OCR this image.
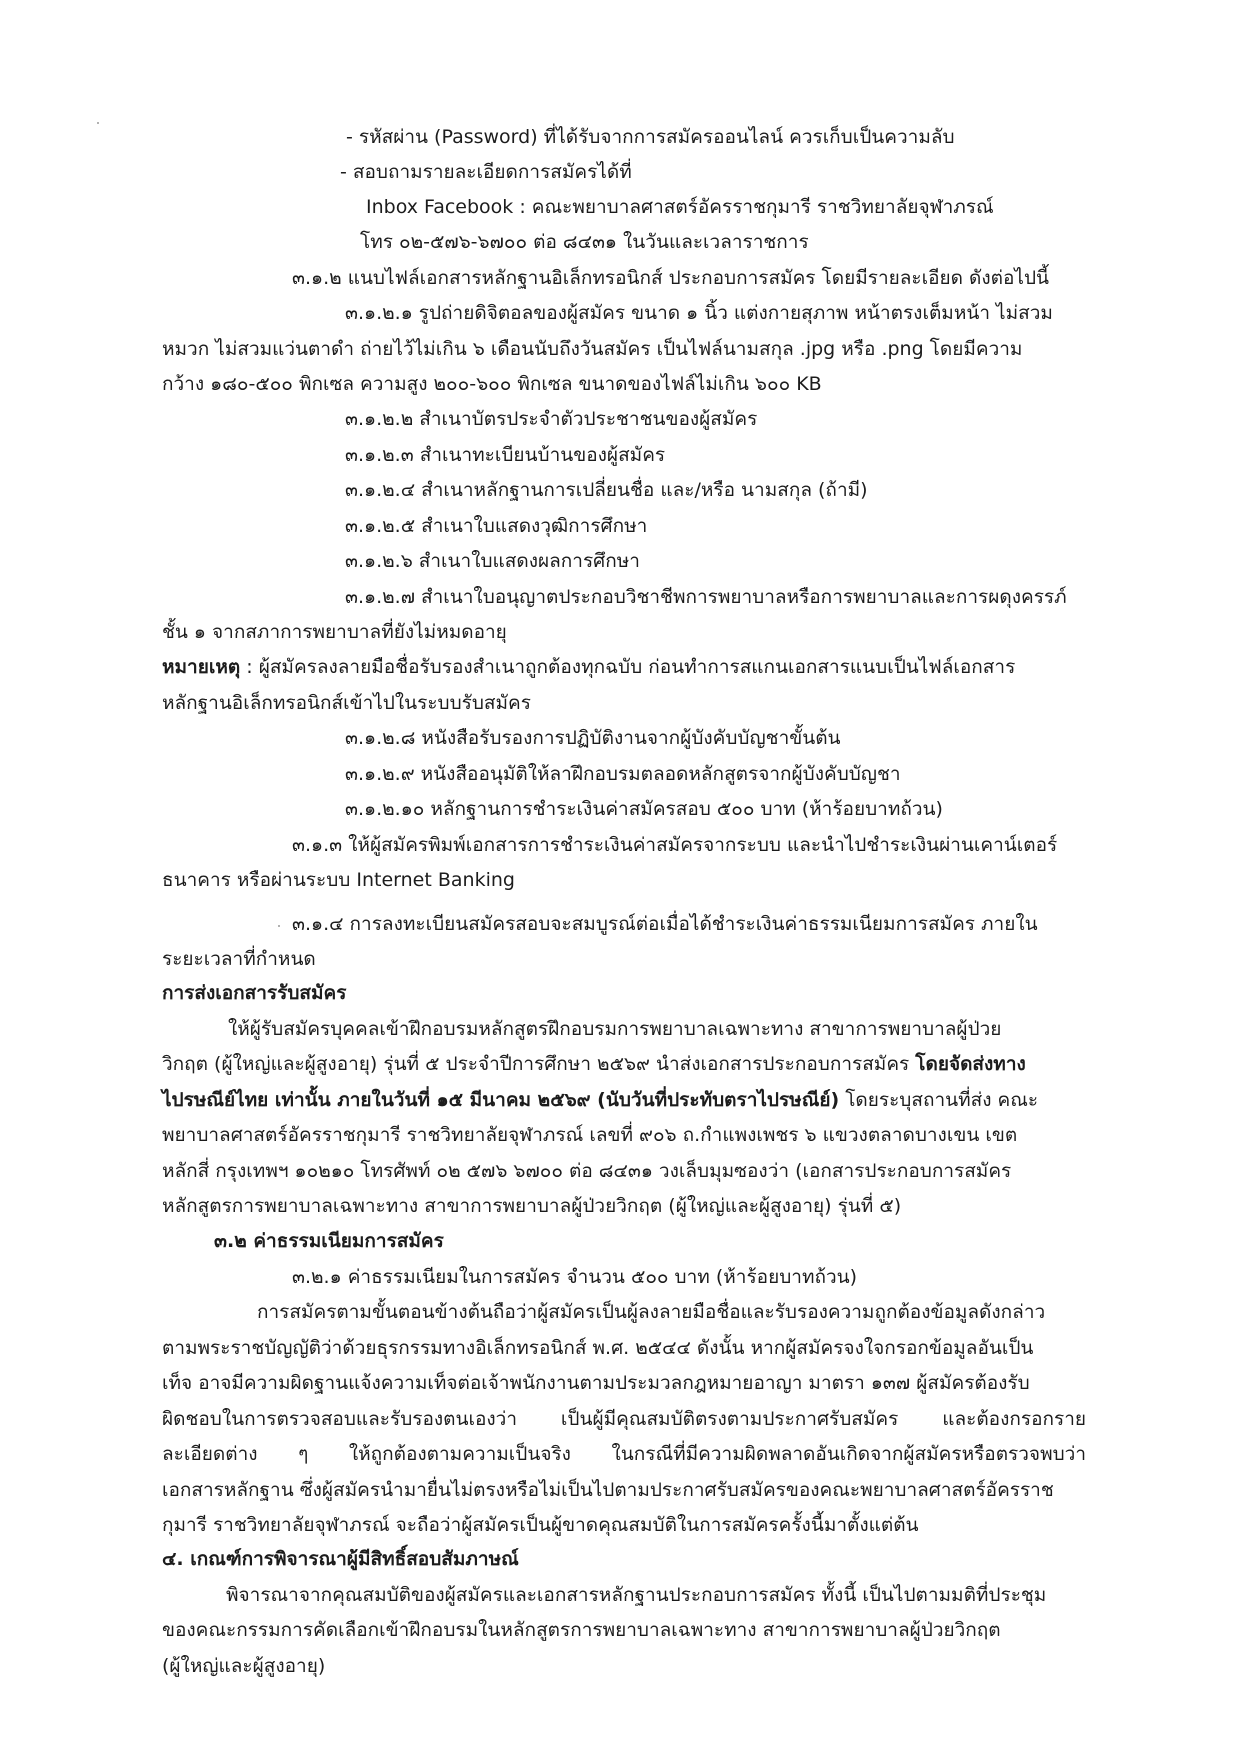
- รหัสผ่าน (Password) ที่ได้รับจากการสมัครออนไลน์ ควรเก็บเป็นความลับ
- สอบถามรายละเอียดการสมัครได้ที่
Inbox Facebook : คณะพยาบาลศาสตร์อัครราชกุมารี ราชวิทยาลัยจุฬาภรณ์
โทร ๐๒-๕๗๖-๖๗๐๐ ต่อ ๘๔๓๑ ในวันและเวลาราชการ
๓.๑.๒ แนบไฟล์เอกสารหลักฐานอิเล็กทรอนิกส์ ประกอบการสมัคร โดยมีรายละเอียด ดังต่อไปนี้
๓.๑.๒.๑ รูปถ่ายดิจิตอลของผู้สมัคร ขนาด ๑ นิ้ว แต่งกายสุภาพ หน้าตรงเต็มหน้า ไม่สวม
หมวก ไม่สวมแว่นตาดำ ถ่ายไว้ไม่เกิน ๖ เดือนนับถึงวันสมัคร เป็นไฟล์นามสกุล .jpg หรือ .png โดยมีความ
กว้าง ๑๘๐-๕๐๐ พิกเซล ความสูง ๒๐๐-๖๐๐ พิกเซล ขนาดของไฟล์ไม่เกิน ๖๐๐ KB
๓.๑.๒.๒ สำเนาบัตรประจำตัวประชาชนของผู้สมัคร
๓.๑.๒.๓ สำเนาทะเบียนบ้านของผู้สมัคร
๓.๑.๒.๔ สำเนาหลักฐานการเปลี่ยนชื่อ และ/หรือ นามสกุล (ถ้ามี)
๓.๑.๒.๕ สำเนาใบแสดงวุฒิการศึกษา
๓.๑.๒.๖ สำเนาใบแสดงผลการศึกษา
๓.๑.๒.๗ สำเนาใบอนุญาตประกอบวิชาชีพการพยาบาลหรือการพยาบาลและการผดุงครรภ์
ชั้น ๑ จากสภาการพยาบาลที่ยังไม่หมดอายุ
หมายเหตุ : ผู้สมัครลงลายมือชื่อรับรองสำเนาถูกต้องทุกฉบับ ก่อนทำการสแกนเอกสารแนบเป็นไฟล์เอกสาร
หลักฐานอิเล็กทรอนิกส์เข้าไปในระบบรับสมัคร
๓.๑.๒.๘ หนังสือรับรองการปฏิบัติงานจากผู้บังคับบัญชาขั้นต้น
๓.๑.๒.๙ หนังสืออนุมัติให้ลาฝึกอบรมตลอดหลักสูตรจากผู้บังคับบัญชา
๓.๑.๒.๑๐ หลักฐานการชำระเงินค่าสมัครสอบ ๕๐๐ บาท (ห้าร้อยบาทถ้วน)
๓.๑.๓ ให้ผู้สมัครพิมพ์เอกสารการชำระเงินค่าสมัครจากระบบ และนำไปชำระเงินผ่านเคาน์เตอร์
ธนาคาร หรือผ่านระบบ Internet Banking
๓.๑.๔ การลงทะเบียนสมัครสอบจะสมบูรณ์ต่อเมื่อได้ชำระเงินค่าธรรมเนียมการสมัคร ภายใน
ระยะเวลาที่กำหนด
การส่งเอกสารรับสมัคร
ให้ผู้รับสมัครบุคคลเข้าฝึกอบรมหลักสูตรฝึกอบรมการพยาบาลเฉพาะทาง สาขาการพยาบาลผู้ป่วย
วิกฤต (ผู้ใหญ่และผู้สูงอายุ) รุ่นที่ ๕ ประจำปีการศึกษา ๒๕๖๙ นำส่งเอกสารประกอบการสมัคร โดยจัดส่งทาง
ไปรษณีย์ไทย เท่านั้น ภายในวันที่ ๑๕ มีนาคม ๒๕๖๙ (นับวันที่ประทับตราไปรษณีย์) โดยระบุสถานที่ส่ง คณะ
พยาบาลศาสตร์อัครราชกุมารี ราชวิทยาลัยจุฬาภรณ์ เลขที่ ๙๐๖ ถ.กำแพงเพชร ๖ แขวงตลาดบางเขน เขต
หลักสี่ กรุงเทพฯ ๑๐๒๑๐ โทรศัพท์ ๐๒ ๕๗๖ ๖๗๐๐ ต่อ ๘๔๓๑ วงเล็บมุมซองว่า (เอกสารประกอบการสมัคร
หลักสูตรการพยาบาลเฉพาะทาง สาขาการพยาบาลผู้ป่วยวิกฤต (ผู้ใหญ่และผู้สูงอายุ) รุ่นที่ ๕)
๓.๒ ค่าธรรมเนียมการสมัคร
๓.๒.๑ ค่าธรรมเนียมในการสมัคร จำนวน ๕๐๐ บาท (ห้าร้อยบาทถ้วน)
การสมัครตามขั้นตอนข้างต้นถือว่าผู้สมัครเป็นผู้ลงลายมือชื่อและรับรองความถูกต้องข้อมูลดังกล่าว
ตามพระราชบัญญัติว่าด้วยธุรกรรมทางอิเล็กทรอนิกส์ พ.ศ. ๒๕๔๔ ดังนั้น หากผู้สมัครจงใจกรอกข้อมูลอันเป็น
เท็จ อาจมีความผิดฐานแจ้งความเท็จต่อเจ้าพนักงานตามประมวลกฎหมายอาญา มาตรา ๑๓๗ ผู้สมัครต้องรับ
ผิดชอบในการตรวจสอบและรับรองตนเองว่า เป็นผู้มีคุณสมบัติตรงตามประกาศรับสมัคร และต้องกรอกราย
ละเอียดต่าง ๆ ให้ถูกต้องตามความเป็นจริง ในกรณีที่มีความผิดพลาดอันเกิดจากผู้สมัครหรือตรวจพบว่า
เอกสารหลักฐาน ซึ่งผู้สมัครนำมายื่นไม่ตรงหรือไม่เป็นไปตามประกาศรับสมัครของคณะพยาบาลศาสตร์อัครราช
กุมารี ราชวิทยาลัยจุฬาภรณ์ จะถือว่าผู้สมัครเป็นผู้ขาดคุณสมบัติในการสมัครครั้งนี้มาตั้งแต่ต้น
๔. เกณฑ์การพิจารณาผู้มีสิทธิ์สอบสัมภาษณ์
พิจารณาจากคุณสมบัติของผู้สมัครและเอกสารหลักฐานประกอบการสมัคร ทั้งนี้ เป็นไปตามมติที่ประชุม
ของคณะกรรมการคัดเลือกเข้าฝึกอบรมในหลักสูตรการพยาบาลเฉพาะทาง สาขาการพยาบาลผู้ป่วยวิกฤต
(ผู้ใหญ่และผู้สูงอายุ)
